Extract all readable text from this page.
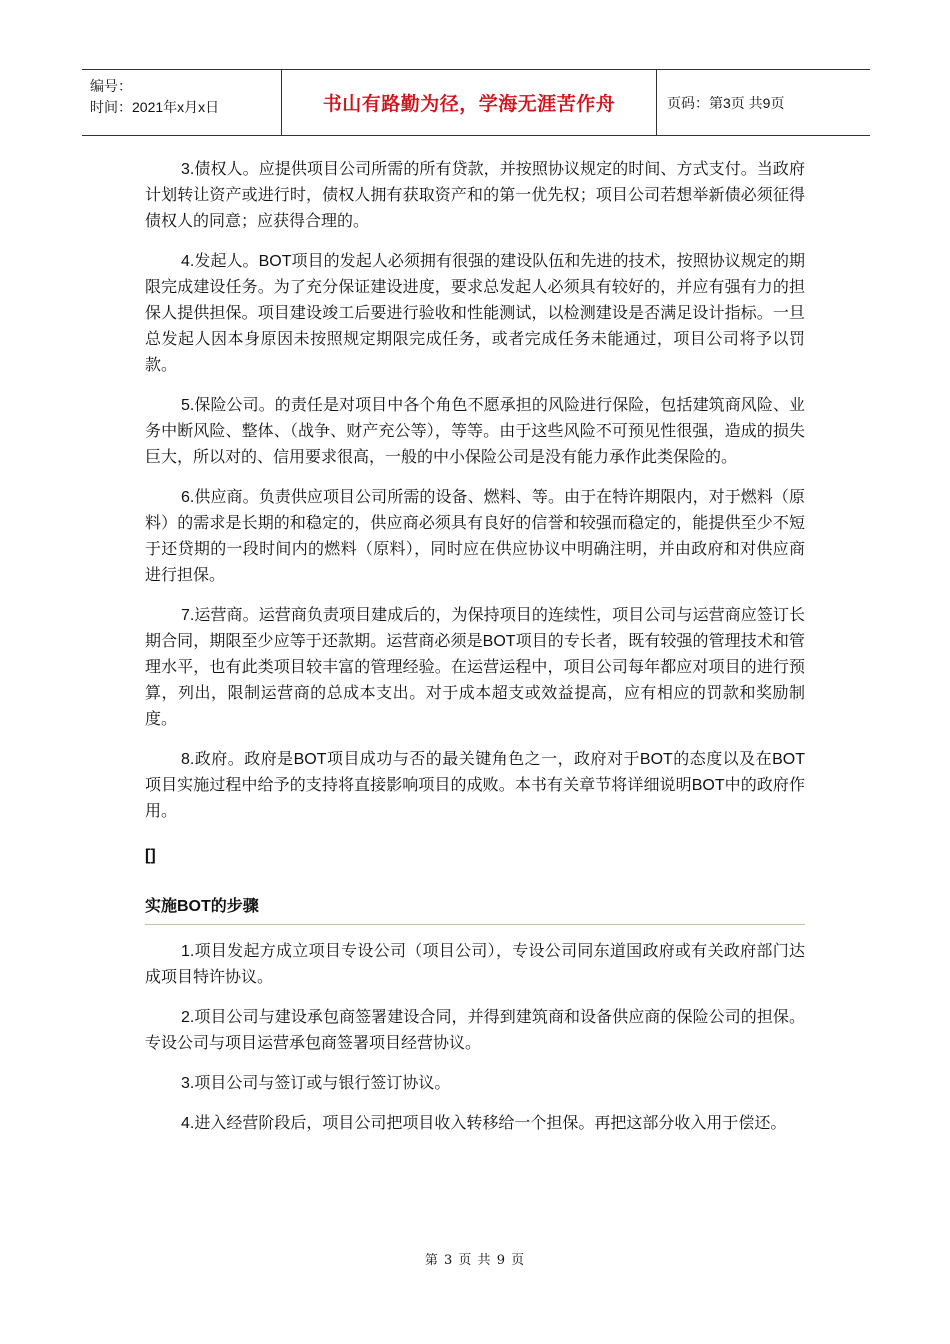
编号：
时间：2021年x月x日	书山有路勤为径，学海无涯苦作舟	页码：第3页 共9页

3.债权人。应提供项目公司所需的所有贷款，并按照协议规定的时间、方式支付。当政府计划转让资产或进行时，债权人拥有获取资产和的第一优先权；项目公司若想举新债必须征得债权人的同意；应获得合理的。

4.发起人。BOT项目的发起人必须拥有很强的建设队伍和先进的技术，按照协议规定的期限完成建设任务。为了充分保证建设进度，要求总发起人必须具有较好的，并应有强有力的担保人提供担保。项目建设竣工后要进行验收和性能测试，以检测建设是否满足设计指标。一旦总发起人因本身原因未按照规定期限完成任务，或者完成任务未能通过，项目公司将予以罚款。

5.保险公司。的责任是对项目中各个角色不愿承担的风险进行保险，包括建筑商风险、业务中断风险、整体、（战争、财产充公等），等等。由于这些风险不可预见性很强，造成的损失巨大，所以对的、信用要求很高，一般的中小保险公司是没有能力承作此类保险的。

6.供应商。负责供应项目公司所需的设备、燃料、等。由于在特许期限内，对于燃料（原料）的需求是长期的和稳定的，供应商必须具有良好的信誉和较强而稳定的，能提供至少不短于还贷期的一段时间内的燃料（原料），同时应在供应协议中明确注明，并由政府和对供应商进行担保。

7.运营商。运营商负责项目建成后的，为保持项目的连续性，项目公司与运营商应签订长期合同，期限至少应等于还款期。运营商必须是BOT项目的专长者，既有较强的管理技术和管理水平，也有此类项目较丰富的管理经验。在运营运程中，项目公司每年都应对项目的进行预算，列出，限制运营商的总成本支出。对于成本超支或效益提高，应有相应的罚款和奖励制度。

8.政府。政府是BOT项目成功与否的最关键角色之一，政府对于BOT的态度以及在BOT项目实施过程中给予的支持将直接影响项目的成败。本书有关章节将详细说明BOT中的政府作用。

[]
实施BOT的步骤

1.项目发起方成立项目专设公司（项目公司），专设公司同东道国政府或有关政府部门达成项目特许协议。

2.项目公司与建设承包商签署建设合同，并得到建筑商和设备供应商的保险公司的担保。专设公司与项目运营承包商签署项目经营协议。

3.项目公司与签订或与银行签订协议。

4.进入经营阶段后，项目公司把项目收入转移给一个担保。再把这部分收入用于偿还。

第 3 页 共 9 页
